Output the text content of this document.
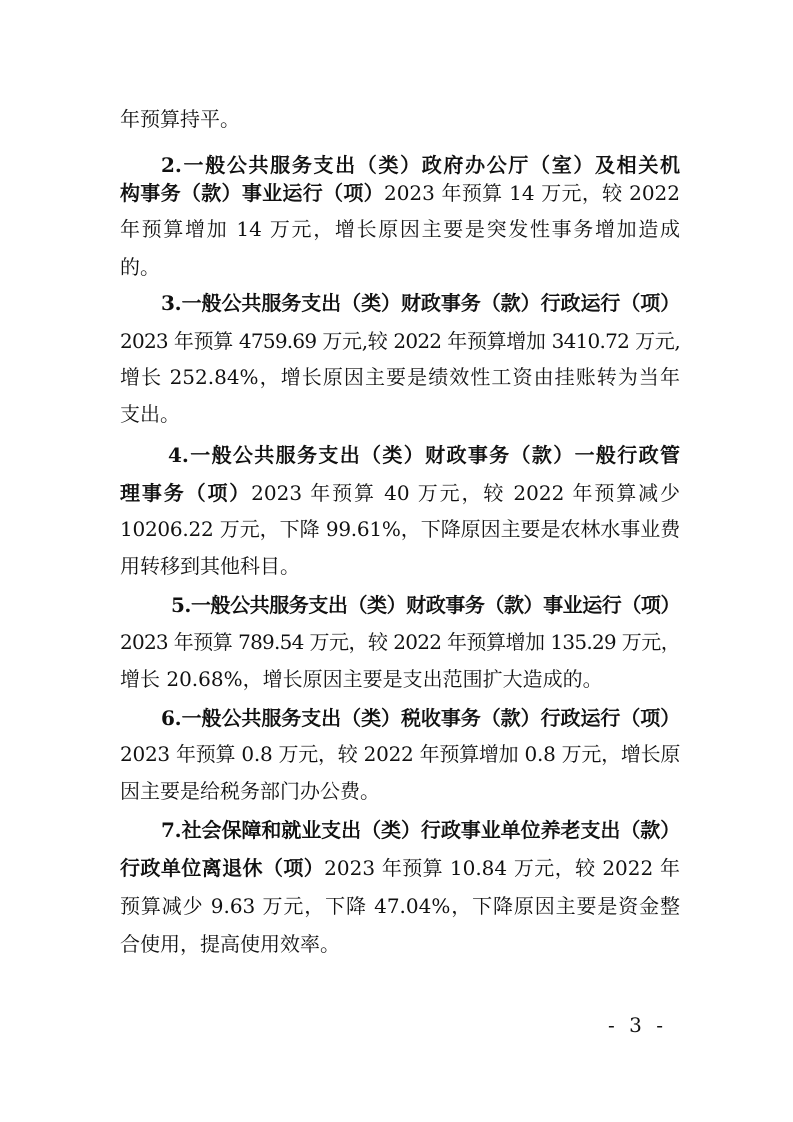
年预算持平。
2.一般公共服务支出（类）政府办公厅（室）及相关机
构事务（款）事业运行（项）2023 年预算 14 万元，较 2022
年预算增加 14 万元，增长原因主要是突发性事务增加造成
的。
3.一般公共服务支出（类）财政事务（款）行政运行（项）
2023 年预算 4759.69 万元,较 2022 年预算增加 3410.72 万元,
增长 252.84%，增长原因主要是绩效性工资由挂账转为当年
支出。
4.一般公共服务支出（类）财政事务（款）一般行政管
理事务（项）2023 年预算 40 万元，较 2022 年预算减少
10206.22 万元，下降 99.61%，下降原因主要是农林水事业费
用转移到其他科目。
5.一般公共服务支出（类）财政事务（款）事业运行（项）
2023 年预算 789.54 万元，较 2022 年预算增加 135.29 万元，
增长 20.68%，增长原因主要是支出范围扩大造成的。
6.一般公共服务支出（类）税收事务（款）行政运行（项）
2023 年预算 0.8 万元，较 2022 年预算增加 0.8 万元，增长原
因主要是给税务部门办公费。
7.社会保障和就业支出（类）行政事业单位养老支出（款）
行政单位离退休（项）2023 年预算 10.84 万元，较 2022 年
预算减少 9.63 万元，下降 47.04%，下降原因主要是资金整
合使用，提高使用效率。
- 3 -
